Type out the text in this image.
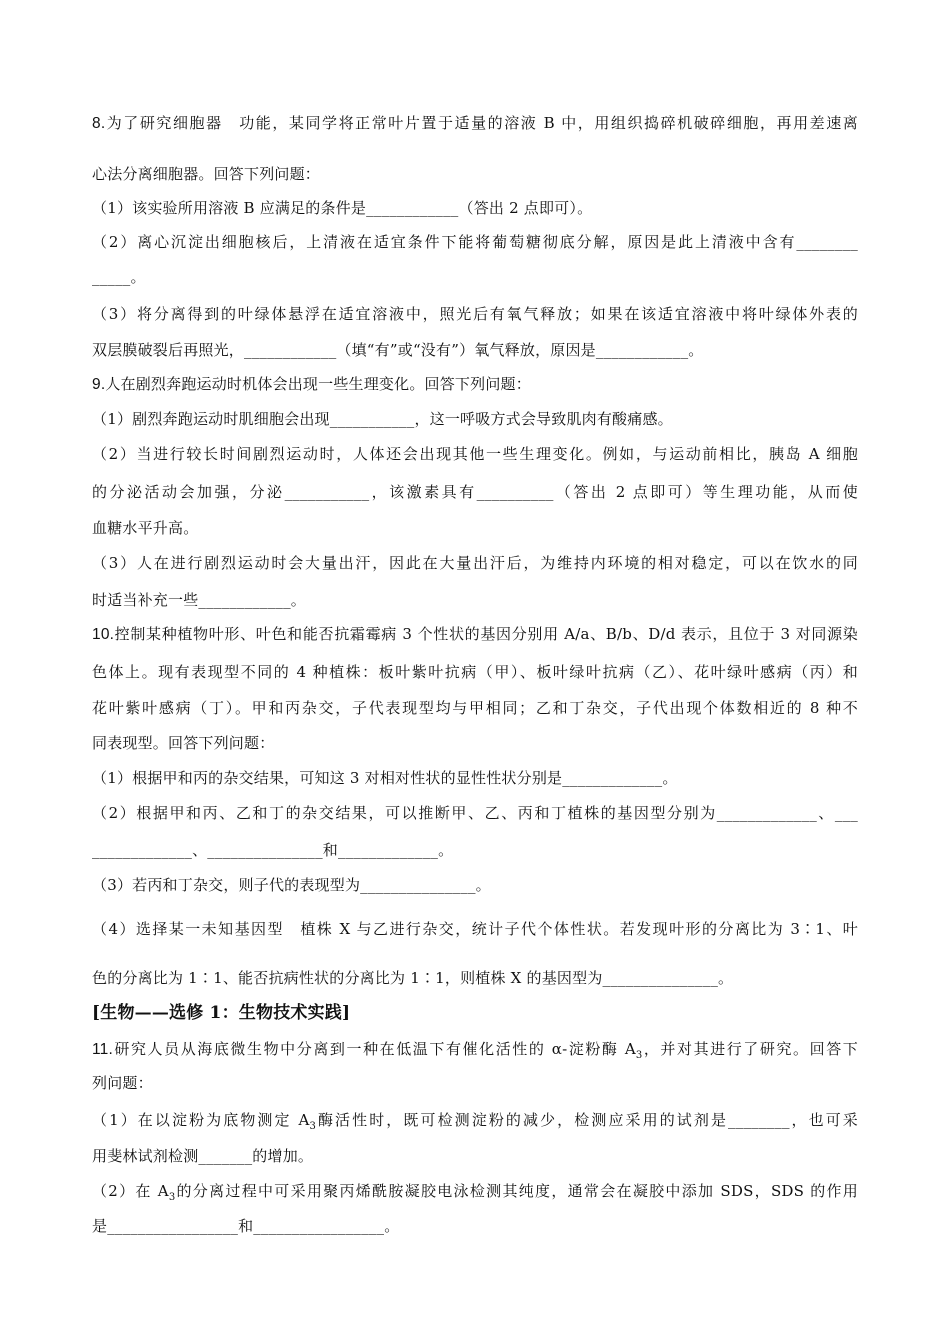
8.为了研究细胞器　功能，某同学将正常叶片置于适量的溶液 B 中，用组织捣碎机破碎细胞，再用差速离
心法分离细胞器。回答下列问题：
（1）该实验所用溶液 B 应满足的条件是____________（答出 2 点即可）。
（2）离心沉淀出细胞核后，上清液在适宜条件下能将葡萄糖彻底分解，原因是此上清液中含有________
_____。
（3）将分离得到的叶绿体悬浮在适宜溶液中，照光后有氧气释放；如果在该适宜溶液中将叶绿体外表的
双层膜破裂后再照光，____________（填“有”或“没有”）氧气释放，原因是____________。
9.人在剧烈奔跑运动时机体会出现一些生理变化。回答下列问题：
（1）剧烈奔跑运动时肌细胞会出现___________，这一呼吸方式会导致肌肉有酸痛感。
（2）当进行较长时间剧烈运动时，人体还会出现其他一些生理变化。例如，与运动前相比，胰岛 A 细胞
的分泌活动会加强，分泌___________，该激素具有__________（答出 2 点即可）等生理功能，从而使
血糖水平升高。
（3）人在进行剧烈运动时会大量出汗，因此在大量出汗后，为维持内环境的相对稳定，可以在饮水的同
时适当补充一些____________。
10.控制某种植物叶形、叶色和能否抗霜霉病 3 个性状的基因分别用 A/a、B/b、D/d 表示，且位于 3 对同源染
色体上。现有表现型不同的 4 种植株：板叶紫叶抗病（甲）、板叶绿叶抗病（乙）、花叶绿叶感病（丙）和
花叶紫叶感病（丁）。甲和丙杂交，子代表现型均与甲相同；乙和丁杂交，子代出现个体数相近的 8 种不
同表现型。回答下列问题：
（1）根据甲和丙的杂交结果，可知这 3 对相对性状的显性性状分别是_____________。
（2）根据甲和丙、乙和丁的杂交结果，可以推断甲、乙、丙和丁植株的基因型分别为_____________、___
_____________、_______________和_____________。
（3）若丙和丁杂交，则子代的表现型为_______________。
（4）选择某一未知基因型　植株 X 与乙进行杂交，统计子代个体性状。若发现叶形的分离比为 3∶1、叶
色的分离比为 1∶1、能否抗病性状的分离比为 1∶1，则植株 X 的基因型为_______________。
[生物——选修 1：生物技术实践]
11.研究人员从海底微生物中分离到一种在低温下有催化活性的 α-淀粉酶 $A_3$，并对其进行了研究。回答下
列问题：
（1）在以淀粉为底物测定 $A_3$酶活性时，既可检测淀粉的减少，检测应采用的试剂是________，也可采
用斐林试剂检测_______的增加。
（2）在 $A_3$的分离过程中可采用聚丙烯酰胺凝胶电泳检测其纯度，通常会在凝胶中添加 SDS，SDS 的作用
是_________________和_________________。
